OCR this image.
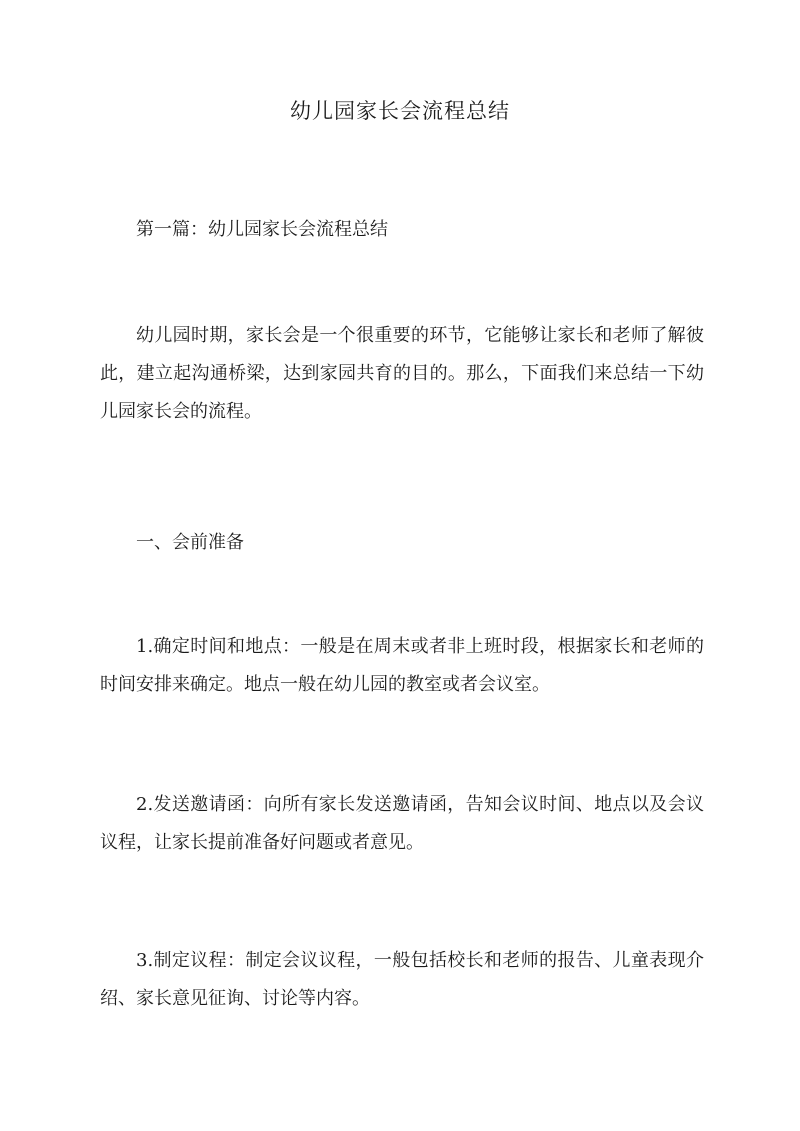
幼儿园家长会流程总结
第一篇：幼儿园家长会流程总结
幼儿园时期，家长会是一个很重要的环节，它能够让家长和老师了解彼此，建立起沟通桥梁，达到家园共育的目的。那么，下面我们来总结一下幼儿园家长会的流程。
一、会前准备
1.确定时间和地点：一般是在周末或者非上班时段，根据家长和老师的时间安排来确定。地点一般在幼儿园的教室或者会议室。
2.发送邀请函：向所有家长发送邀请函，告知会议时间、地点以及会议议程，让家长提前准备好问题或者意见。
3.制定议程：制定会议议程，一般包括校长和老师的报告、儿童表现介绍、家长意见征询、讨论等内容。
